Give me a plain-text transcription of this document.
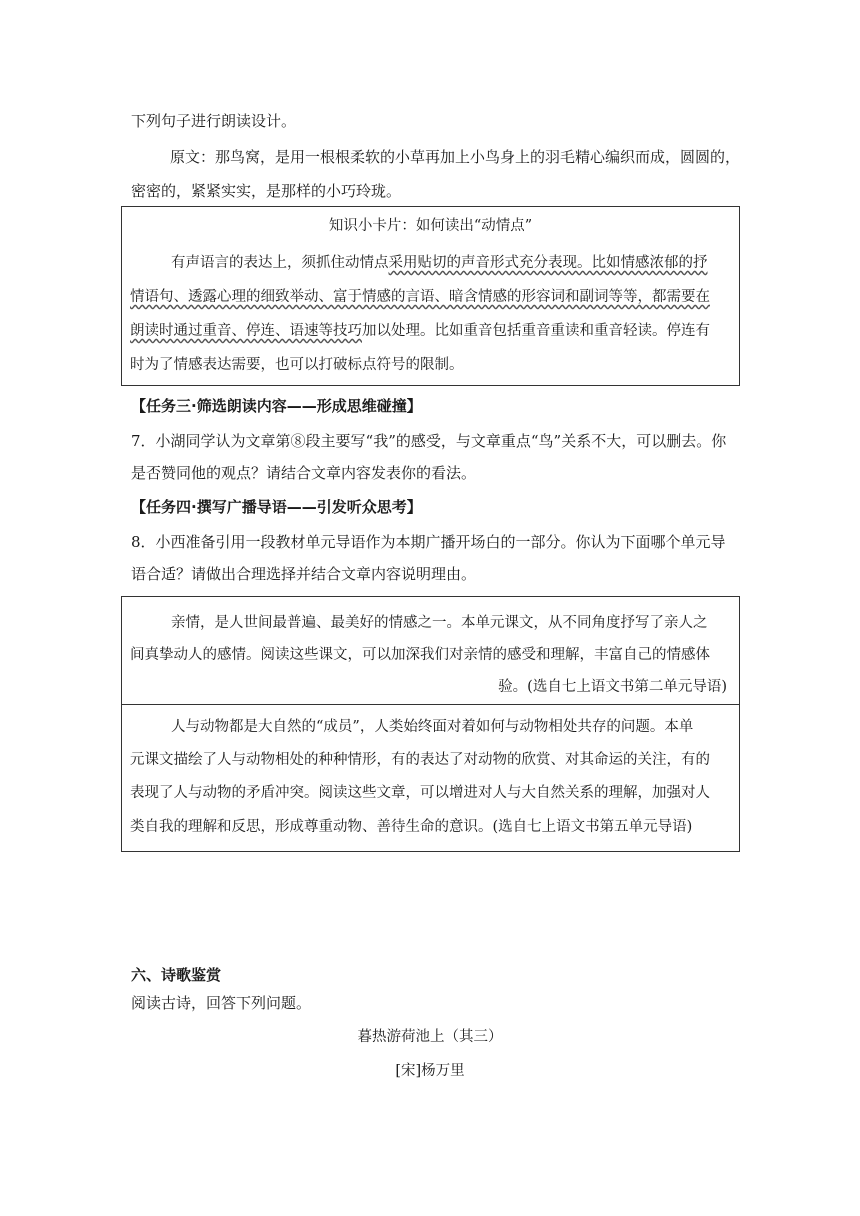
下列句子进行朗读设计。
原文：那鸟窝，是用一根根柔软的小草再加上小鸟身上的羽毛精心编织而成，圆圆的，
密密的，紧紧实实，是那样的小巧玲珑。
知识小卡片：如何读出“动情点”
有声语言的表达上，须抓住动情点采用贴切的声音形式充分表现。比如情感浓郁的抒
情语句、透露心理的细致举动、富于情感的言语、暗含情感的形容词和副词等等，都需要在
朗读时通过重音、停连、语速等技巧加以处理。比如重音包括重音重读和重音轻读。停连有
时为了情感表达需要，也可以打破标点符号的限制。
【任务三·筛选朗读内容——形成思维碰撞】
7．小湖同学认为文章第⑧段主要写“我”的感受，与文章重点“鸟”关系不大，可以删去。你
是否赞同他的观点？请结合文章内容发表你的看法。
【任务四·撰写广播导语——引发听众思考】
8．小西准备引用一段教材单元导语作为本期广播开场白的一部分。你认为下面哪个单元导
语合适？请做出合理选择并结合文章内容说明理由。
亲情，是人世间最普遍、最美好的情感之一。本单元课文，从不同角度抒写了亲人之
间真挚动人的感情。阅读这些课文，可以加深我们对亲情的感受和理解，丰富自己的情感体
验。(选自七上语文书第二单元导语)
人与动物都是大自然的“成员”，人类始终面对着如何与动物相处共存的问题。本单
元课文描绘了人与动物相处的种种情形，有的表达了对动物的欣赏、对其命运的关注，有的
表现了人与动物的矛盾冲突。阅读这些文章，可以增进对人与大自然关系的理解，加强对人
类自我的理解和反思，形成尊重动物、善待生命的意识。(选自七上语文书第五单元导语)
六、诗歌鉴赏
阅读古诗，回答下列问题。
暮热游荷池上（其三）
[宋]杨万里
